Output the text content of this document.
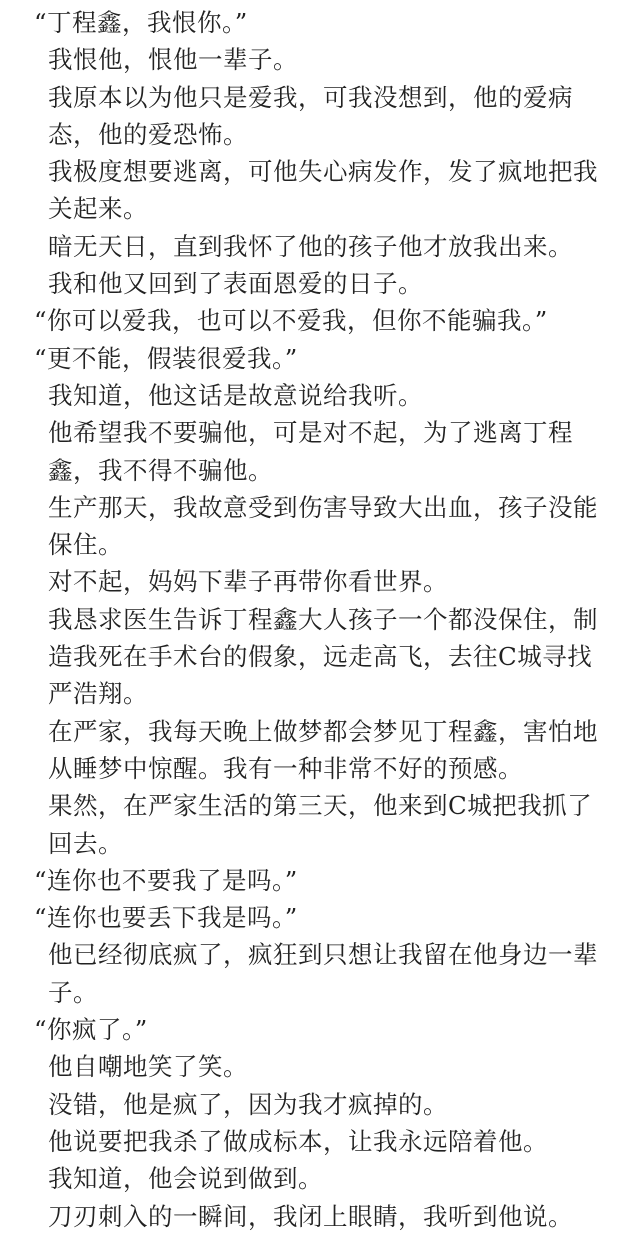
“丁程鑫，我恨你。”

我恨他，恨他一辈子。

我原本以为他只是爱我，可我没想到，他的爱病态，他的爱恐怖。

我极度想要逃离，可他失心病发作，发了疯地把我关起来。

暗无天日，直到我怀了他的孩子他才放我出来。

我和他又回到了表面恩爱的日子。

“你可以爱我，也可以不爱我，但你不能骗我。”

“更不能，假装很爱我。”

我知道，他这话是故意说给我听。

他希望我不要骗他，可是对不起，为了逃离丁程鑫，我不得不骗他。

生产那天，我故意受到伤害导致大出血，孩子没能保住。

对不起，妈妈下辈子再带你看世界。

我恳求医生告诉丁程鑫大人孩子一个都没保住，制造我死在手术台的假象，远走高飞，去往C城寻找严浩翔。

在严家，我每天晚上做梦都会梦见丁程鑫，害怕地从睡梦中惊醒。我有一种非常不好的预感。

果然，在严家生活的第三天，他来到C城把我抓了回去。

“连你也不要我了是吗。”

“连你也要丢下我是吗。”

他已经彻底疯了，疯狂到只想让我留在他身边一辈子。

“你疯了。”

他自嘲地笑了笑。

没错，他是疯了，因为我才疯掉的。

他说要把我杀了做成标本，让我永远陪着他。

我知道，他会说到做到。

刀刃刺入的一瞬间，我闭上眼睛，我听到他说。
